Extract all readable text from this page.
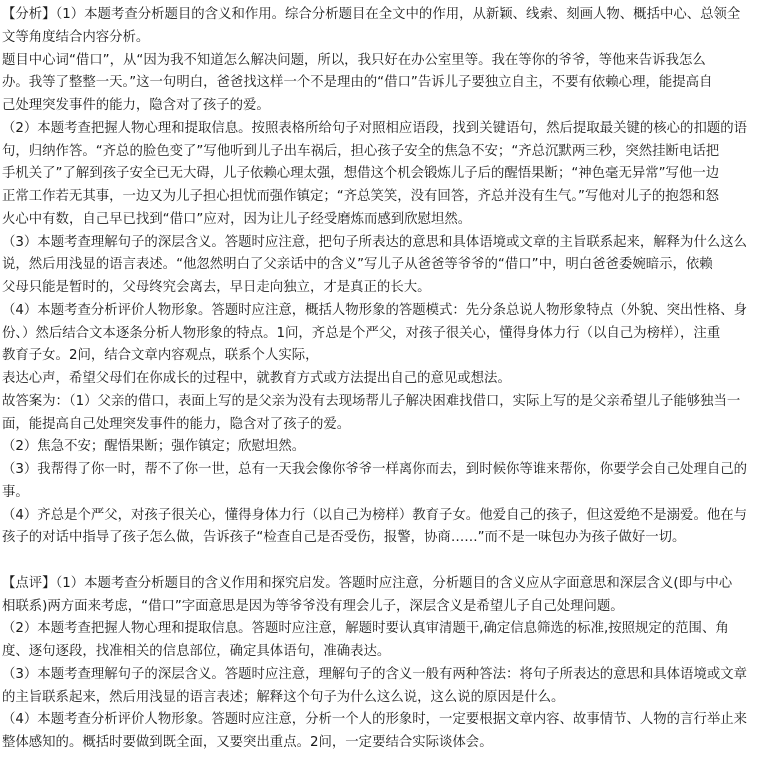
【分析】（1）本题考查分析题目的含义和作用。综合分析题目在全文中的作用，从新颖、线索、刻画人物、概括中心、总领全
文等角度结合内容分析。
题目中心词“借口”，从“因为我不知道怎么解决问题，所以，我只好在办公室里等。我在等你的爷爷，等他来告诉我怎么
办。我等了整整一天。”这一句明白，爸爸找这样一个不是理由的“借口”告诉儿子要独立自主，不要有依赖心理，能提高自
己处理突发事件的能力，隐含对了孩子的爱。
（2）本题考查把握人物心理和提取信息。按照表格所给句子对照相应语段，找到关键语句，然后提取最关键的核心的扣题的语
句，归纳作答。“齐总的脸色变了”写他听到儿子出车祸后，担心孩子安全的焦急不安；“齐总沉默两三秒，突然挂断电话把
手机关了”了解到孩子安全已无大碍，儿子依赖心理太强，想借这个机会锻炼儿子后的醒悟果断；“神色毫无异常”写他一边
正常工作若无其事，一边又为儿子担心担忧而强作镇定；“齐总笑笑，没有回答，齐总并没有生气。”写他对儿子的抱怨和怒
火心中有数，自己早已找到“借口”应对，因为让儿子经受磨炼而感到欣慰坦然。
（3）本题考查理解句子的深层含义。答题时应注意，把句子所表达的意思和具体语境或文章的主旨联系起来，解释为什么这么
说，然后用浅显的语言表述。“他忽然明白了父亲话中的含义”写儿子从爸爸等爷爷的“借口”中，明白爸爸委婉暗示，依赖
父母只能是暂时的，父母终究会离去，早日走向独立，才是真正的长大。
（4）本题考查分析评价人物形象。答题时应注意，概括人物形象的答题模式：先分条总说人物形象特点（外貌、突出性格、身
份、）然后结合文本逐条分析人物形象的特点。1问，齐总是个严父，对孩子很关心，懂得身体力行（以自己为榜样），注重
教育子女。2问，结合文章内容观点，联系个人实际，
表达心声，希望父母们在你成长的过程中，就教育方式或方法提出自己的意见或想法。
故答案为：（1）父亲的借口，表面上写的是父亲为没有去现场帮儿子解决困难找借口，实际上写的是父亲希望儿子能够独当一
面，能提高自己处理突发事件的能力，隐含对了孩子的爱。
（2）焦急不安；醒悟果断；强作镇定；欣慰坦然。
（3）我帮得了你一时，帮不了你一世，总有一天我会像你爷爷一样离你而去，到时候你等谁来帮你，你要学会自己处理自己的
事。
（4）齐总是个严父，对孩子很关心，懂得身体力行（以自己为榜样）教育子女。他爱自己的孩子，但这爱绝不是溺爱。他在与
孩子的对话中指导了孩子怎么做，告诉孩子“检查自己是否受伤，报警，协商……”而不是一味包办为孩子做好一切。
【点评】（1）本题考查分析题目的含义作用和探究启发。答题时应注意，分析题目的含义应从字面意思和深层含义(即与中心
相联系)两方面来考虑，“借口”字面意思是因为等爷爷没有理会儿子，深层含义是希望儿子自己处理问题。
（2）本题考查把握人物心理和提取信息。答题时应注意，解题时要认真审清题干,确定信息筛选的标准,按照规定的范围、角
度、逐句逐段，找准相关的信息部位，确定具体语句，准确表达。
（3）本题考查理解句子的深层含义。答题时应注意，理解句子的含义一般有两种答法：将句子所表达的意思和具体语境或文章
的主旨联系起来，然后用浅显的语言表述；解释这个句子为什么这么说，这么说的原因是什么。
（4）本题考查分析评价人物形象。答题时应注意，分析一个人的形象时，一定要根据文章内容、故事情节、人物的言行举止来
整体感知的。概括时要做到既全面，又要突出重点。2问，一定要结合实际谈体会。
